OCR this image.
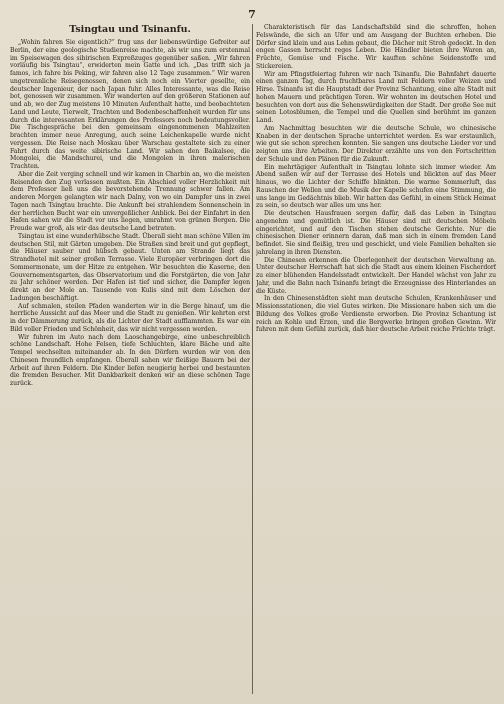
7
Tsingtau und Tsinanfu.

„Wohin fahren Sie eigentlich?“ frug uns der liebenswürdige Gefreiter auf Berlin, der eine geologische Studienreise machte, als wir uns zum erstenmal im Speisewagen des sibirischen Expreßzuges gegenüber saßen. „Wir fahren vorläufig bis Tsingtau“, erwiderten mein Gatte und ich. „Das trifft sich ja famos, ich fahre bis Peking, wir fahren also 12 Tage zusammen.“ Wir waren ungetrennliche Reisegenossen, denen sich noch ein Vierter gesellte, ein deutscher Ingenieur, der nach Japan fuhr. Alles Interessante, was die Reise bot, genossen wir zusammen. Wir wanderten auf den größeren Stationen auf und ab, wo der Zug meistens 10 Minuten Aufenthalt hatte, und beobachteten Land und Leute, Tierwelt, Trachten und Bodenbeschaffenheit wurden für uns durch die interessanten Erklärungen des Professors noch bedeutungsvoller. Die Tischgespräche bei den gemeinsam eingenommenen Mahlzeiten brachten immer neue Anregung, auch seine Leichenkapelle wurde nicht vergessen. Die Reise nach Moskau über Warschau gestaltete sich zu einer Fahrt durch das weite sibirische Land. Wir sahen den Baikalsee, die Mongolei, die Mandschurei, und die Mongolen in ihren malerischen Trachten.

Aber die Zeit verging schnell und wir kamen in Charbin an, wo die meisten Reisenden den Zug verlassen mußten. Ein Abschied voller Herzlichkeit mit dem Professor ließ uns die bevorstehende Trennung schwer fallen. Am anderen Morgen gelangten wir nach Dalny, von wo ein Dampfer uns in zwei Tagen nach Tsingtau brachte. Die Ankunft bei strahlendem Sonnenschein in der herrlichen Bucht war ein unvergeßlicher Anblick. Bei der Einfahrt in den Hafen sahen wir die Stadt vor uns liegen, umrahmt von grünen Bergen. Die Freude war groß, als wir das deutsche Land betraten.

Tsingtau ist eine wunderhübsche Stadt. Überall sieht man schöne Villen im deutschen Stil, mit Gärten umgeben. Die Straßen sind breit und gut gepflegt, die Häuser sauber und hübsch gebaut. Unten am Strande liegt das Strandhotel mit seiner großen Terrasse. Viele Europäer verbringen dort die Sommermonate, um der Hitze zu entgehen. Wir besuchten die Kaserne, den Gouvernementsgarten, das Observatorium und die Forstgärten, die von Jahr zu Jahr schöner werden. Der Hafen ist tief und sicher, die Dampfer legen direkt an der Mole an. Tausende von Kulis sind mit dem Löschen der Ladungen beschäftigt.

Auf schmalen, steilen Pfaden wanderten wir in die Berge hinauf, um die herrliche Aussicht auf das Meer und die Stadt zu genießen. Wir kehrten erst in der Dämmerung zurück, als die Lichter der Stadt aufflammten. Es war ein Bild voller Frieden und Schönheit, das wir nicht vergessen werden.

Wir fuhren im Auto nach dem Laoschangebirge, eine unbeschreiblich schöne Landschaft. Hohe Felsen, tiefe Schluchten, klare Bäche und alte Tempel wechselten miteinander ab. In den Dörfern wurden wir von den Chinesen freundlich empfangen. Überall sahen wir fleißige Bauern bei der Arbeit auf ihren Feldern. Die Kinder liefen neugierig herbei und bestaunten die fremden Besucher. Mit Dankbarkeit denken wir an diese schönen Tage zurück.

Charakteristisch für das Landschaftsbild sind die schroffen, hohen Felswände, die sich an Ufer und am Ausgang der Buchten erheben. Die Dörfer sind klein und aus Lehm gebaut, die Dächer mit Stroh gedeckt. In den engen Gassen herrscht reges Leben. Die Händler bieten ihre Waren an, Früchte, Gemüse und Fische. Wir kauften schöne Seidenstoffe und Stickereien.

Wir am Pfingstfeiertag fuhren wir nach Tsinanfu. Die Bahnfahrt dauerte einen ganzen Tag, durch fruchtbares Land mit Feldern voller Weizen und Hirse. Tsinanfu ist die Hauptstadt der Provinz Schantung, eine alte Stadt mit hohen Mauern und prächtigen Toren. Wir wohnten im deutschen Hotel und besuchten von dort aus die Sehenswürdigkeiten der Stadt. Der große See mit seinen Lotosblumen, die Tempel und die Quellen sind berühmt im ganzen Land.

Am Nachmittag besuchten wir die deutsche Schule, wo chinesische Knaben in der deutschen Sprache unterrichtet werden. Es war erstaunlich, wie gut sie schon sprechen konnten. Sie sangen uns deutsche Lieder vor und zeigten uns ihre Arbeiten. Der Direktor erzählte uns von den Fortschritten der Schule und den Plänen für die Zukunft.

Ein mehrtägiger Aufenthalt in Tsingtau lohnte sich immer wieder. Am Abend saßen wir auf der Terrasse des Hotels und blickten auf das Meer hinaus, wo die Lichter der Schiffe blinkten. Die warme Sommerluft, das Rauschen der Wellen und die Musik der Kapelle schufen eine Stimmung, die uns lange im Gedächtnis blieb. Wir hatten das Gefühl, in einem Stück Heimat zu sein, so deutsch war alles um uns her.

Die deutschen Hausfrauen sorgen dafür, daß das Leben in Tsingtau angenehm und gemütlich ist. Die Häuser sind mit deutschen Möbeln eingerichtet, und auf den Tischen stehen deutsche Gerichte. Nur die chinesischen Diener erinnern daran, daß man sich in einem fremden Land befindet. Sie sind fleißig, treu und geschickt, und viele Familien behalten sie jahrelang in ihren Diensten.

Die Chinesen erkennen die Überlegenheit der deutschen Verwaltung an. Unter deutscher Herrschaft hat sich die Stadt aus einem kleinen Fischerdorf zu einer blühenden Handelsstadt entwickelt. Der Handel wächst von Jahr zu Jahr, und die Bahn nach Tsinanfu bringt die Erzeugnisse des Hinterlandes an die Küste.

In den Chinesenstädten sieht man deutsche Schulen, Krankenhäuser und Missionsstationen, die viel Gutes wirken. Die Missionare haben sich um die Bildung des Volkes große Verdienste erworben. Die Provinz Schantung ist reich an Kohle und Erzen, und die Bergwerke bringen großen Gewinn. Wir fuhren mit dem Gefühl zurück, daß hier deutsche Arbeit reiche Früchte trägt.
